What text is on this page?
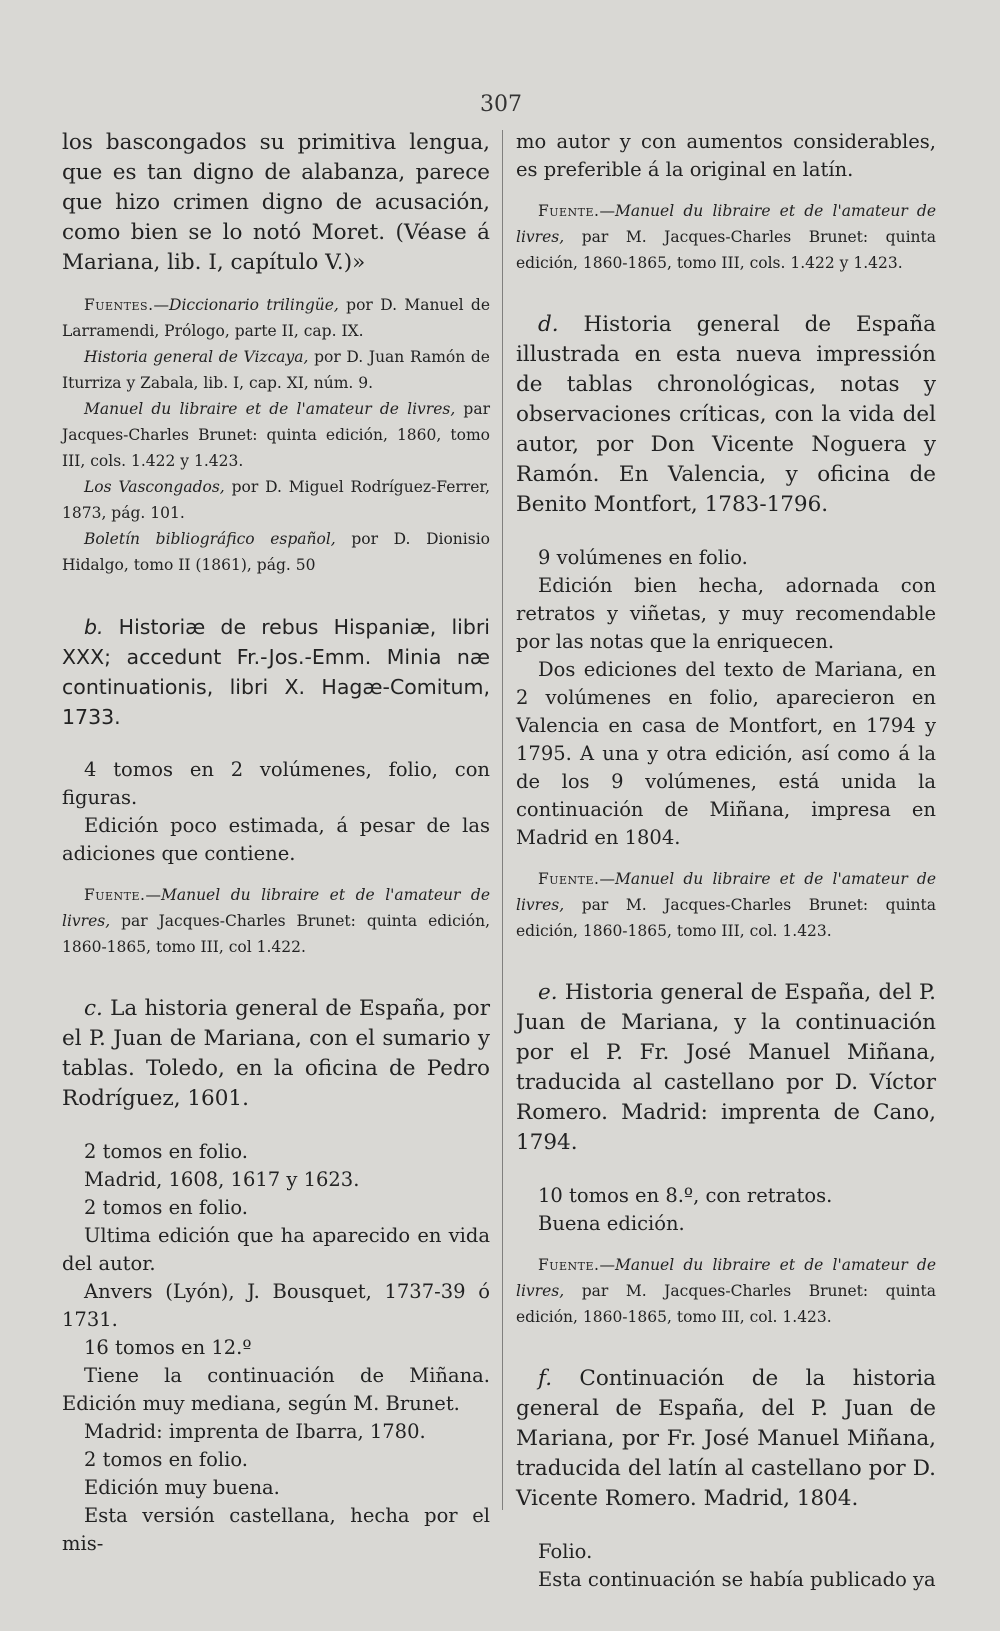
307

los bascongados su primitiva lengua, que es tan digno de alabanza, parece que hizo crimen digno de acusación, como bien se lo notó Moret. (Véase á Mariana, lib. I, capítulo V.)»

Fuentes.—Diccionario trilingüe, por D. Manuel de Larramendi, Prólogo, parte II, cap. IX.

Historia general de Vizcaya, por D. Juan Ramón de Iturriza y Zabala, lib. I, cap. XI, núm. 9.

Manuel du libraire et de l'amateur de livres, par Jacques-Charles Brunet: quinta edición, 1860, tomo III, cols. 1.422 y 1.423.

Los Vascongados, por D. Miguel Rodríguez-Ferrer, 1873, pág. 101.

Boletín bibliográfico español, por D. Dionisio Hidalgo, tomo II (1861), pág. 50

b. Historiæ de rebus Hispaniæ, libri XXX; accedunt Fr.-Jos.-Emm. Minia næ continuationis, libri X. Hagæ-Comitum, 1733.

4 tomos en 2 volúmenes, folio, con figuras.

Edición poco estimada, á pesar de las adiciones que contiene.

Fuente.—Manuel du libraire et de l'amateur de livres, par Jacques-Charles Brunet: quinta edición, 1860-1865, tomo III, col 1.422.

c. La historia general de España, por el P. Juan de Mariana, con el sumario y tablas. Toledo, en la oficina de Pedro Rodríguez, 1601.

2 tomos en folio.

Madrid, 1608, 1617 y 1623.

2 tomos en folio.

Ultima edición que ha aparecido en vida del autor.

Anvers (Lyón), J. Bousquet, 1737-39 ó 1731.

16 tomos en 12.º

Tiene la continuación de Miñana. Edición muy mediana, según M. Brunet.

Madrid: imprenta de Ibarra, 1780.

2 tomos en folio.

Edición muy buena.

Esta versión castellana, hecha por el mis-

mo autor y con aumentos considerables, es preferible á la original en latín.

Fuente.—Manuel du libraire et de l'amateur de livres, par M. Jacques-Charles Brunet: quinta edición, 1860-1865, tomo III, cols. 1.422 y 1.423.

d. Historia general de España illustrada en esta nueva impressión de tablas chronológicas, notas y observaciones críticas, con la vida del autor, por Don Vicente Noguera y Ramón. En Valencia, y oficina de Benito Montfort, 1783-1796.

9 volúmenes en folio.

Edición bien hecha, adornada con retratos y viñetas, y muy recomendable por las notas que la enriquecen.

Dos ediciones del texto de Mariana, en 2 volúmenes en folio, aparecieron en Valencia en casa de Montfort, en 1794 y 1795. A una y otra edición, así como á la de los 9 volúmenes, está unida la continuación de Miñana, impresa en Madrid en 1804.

Fuente.—Manuel du libraire et de l'amateur de livres, par M. Jacques-Charles Brunet: quinta edición, 1860-1865, tomo III, col. 1.423.

e. Historia general de España, del P. Juan de Mariana, y la continuación por el P. Fr. José Manuel Miñana, traducida al castellano por D. Víctor Romero. Madrid: imprenta de Cano, 1794.

10 tomos en 8.º, con retratos.

Buena edición.

Fuente.—Manuel du libraire et de l'amateur de livres, par M. Jacques-Charles Brunet: quinta edición, 1860-1865, tomo III, col. 1.423.

f. Continuación de la historia general de España, del P. Juan de Mariana, por Fr. José Manuel Miñana, traducida del latín al castellano por D. Vicente Romero. Madrid, 1804.

Folio.

Esta continuación se había publicado ya
